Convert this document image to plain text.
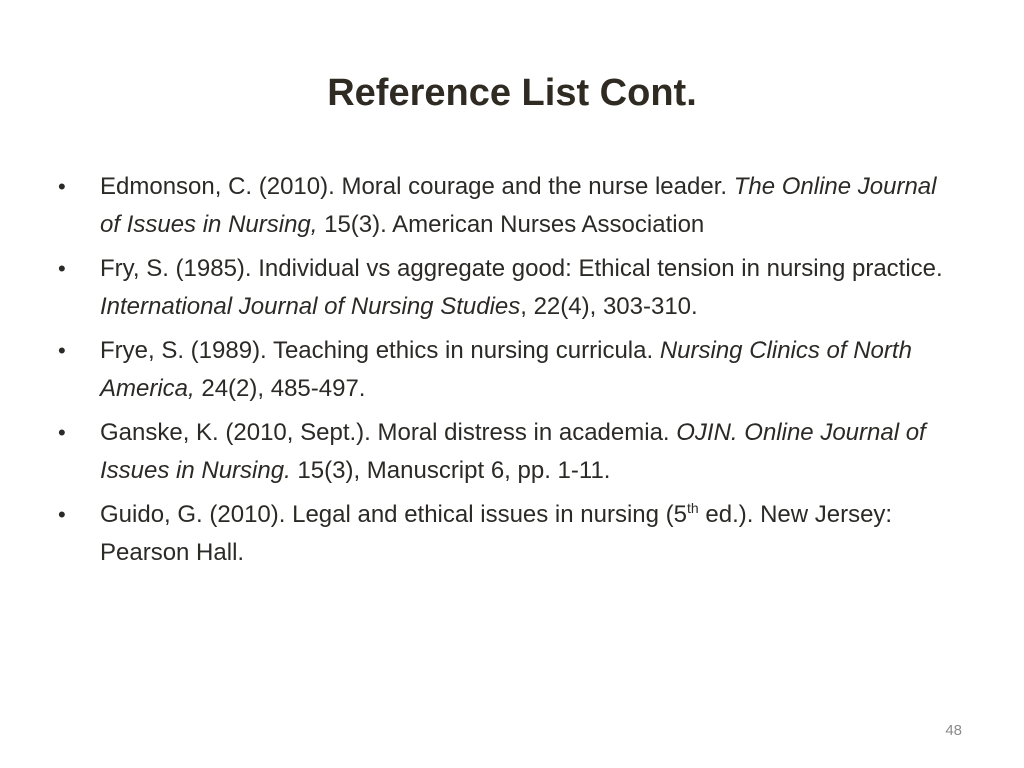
Reference List Cont.
• Edmonson, C. (2010). Moral courage and the nurse leader. The Online Journal of Issues in Nursing, 15(3). American Nurses Association
• Fry, S. (1985). Individual vs aggregate good: Ethical tension in nursing practice. International Journal of Nursing Studies, 22(4), 303-310.
• Frye, S. (1989). Teaching ethics in nursing curricula. Nursing Clinics of North America, 24(2), 485-497.
• Ganske, K. (2010, Sept.). Moral distress in academia. OJIN. Online Journal of Issues in Nursing. 15(3), Manuscript 6, pp. 1-11.
• Guido, G. (2010). Legal and ethical issues in nursing (5th ed.). New Jersey: Pearson Hall.
48
